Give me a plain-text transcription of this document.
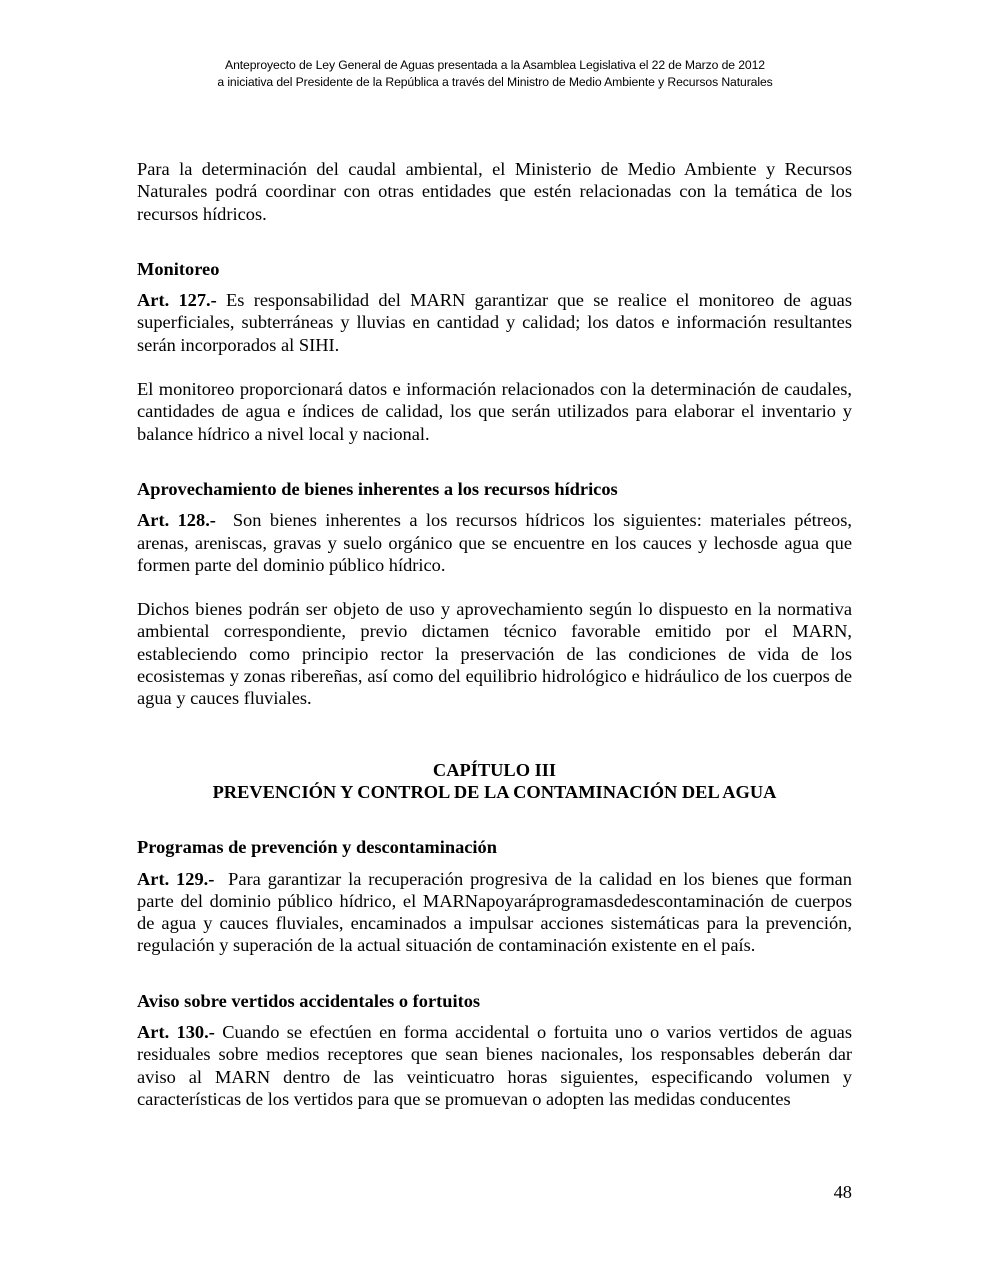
Anteproyecto de Ley General de Aguas presentada a la Asamblea Legislativa el 22 de Marzo de 2012
a iniciativa del Presidente de la República a través del Ministro de Medio Ambiente y Recursos Naturales

Para la determinación del caudal ambiental, el Ministerio de Medio Ambiente y Recursos Naturales podrá coordinar con otras entidades que estén relacionadas con la temática de los recursos hídricos.

Monitoreo

Art. 127.- Es responsabilidad del MARN garantizar que se realice el monitoreo de aguas superficiales, subterráneas y lluvias en cantidad y calidad; los datos e información resultantes serán incorporados al SIHI.

El monitoreo proporcionará datos e información relacionados con la determinación de caudales, cantidades de agua e índices de calidad, los que serán utilizados para elaborar el inventario y balance hídrico a nivel local y nacional.

Aprovechamiento de bienes inherentes a los recursos hídricos

Art. 128.- Son bienes inherentes a los recursos hídricos los siguientes: materiales pétreos, arenas, areniscas, gravas y suelo orgánico que se encuentre en los cauces y lechosde agua que formen parte del dominio público hídrico.

Dichos bienes podrán ser objeto de uso y aprovechamiento según lo dispuesto en la normativa ambiental correspondiente, previo dictamen técnico favorable emitido por el MARN, estableciendo como principio rector la preservación de las condiciones de vida de los ecosistemas y zonas ribereñas, así como del equilibrio hidrológico e hidráulico de los cuerpos de agua y cauces fluviales.

CAPÍTULO III

PREVENCIÓN Y CONTROL DE LA CONTAMINACIÓN DEL AGUA

Programas de prevención y descontaminación

Art. 129.- Para garantizar la recuperación progresiva de la calidad en los bienes que forman parte del dominio público hídrico, el MARNapoyaráprogramasdedescontaminación de cuerpos de agua y cauces fluviales, encaminados a impulsar acciones sistemáticas para la prevención, regulación y superación de la actual situación de contaminación existente en el país.

Aviso sobre vertidos accidentales o fortuitos

Art. 130.- Cuando se efectúen en forma accidental o fortuita uno o varios vertidos de aguas residuales sobre medios receptores que sean bienes nacionales, los responsables deberán dar aviso al MARN dentro de las veinticuatro horas siguientes, especificando volumen y características de los vertidos para que se promuevan o adopten las medidas conducentes

48
